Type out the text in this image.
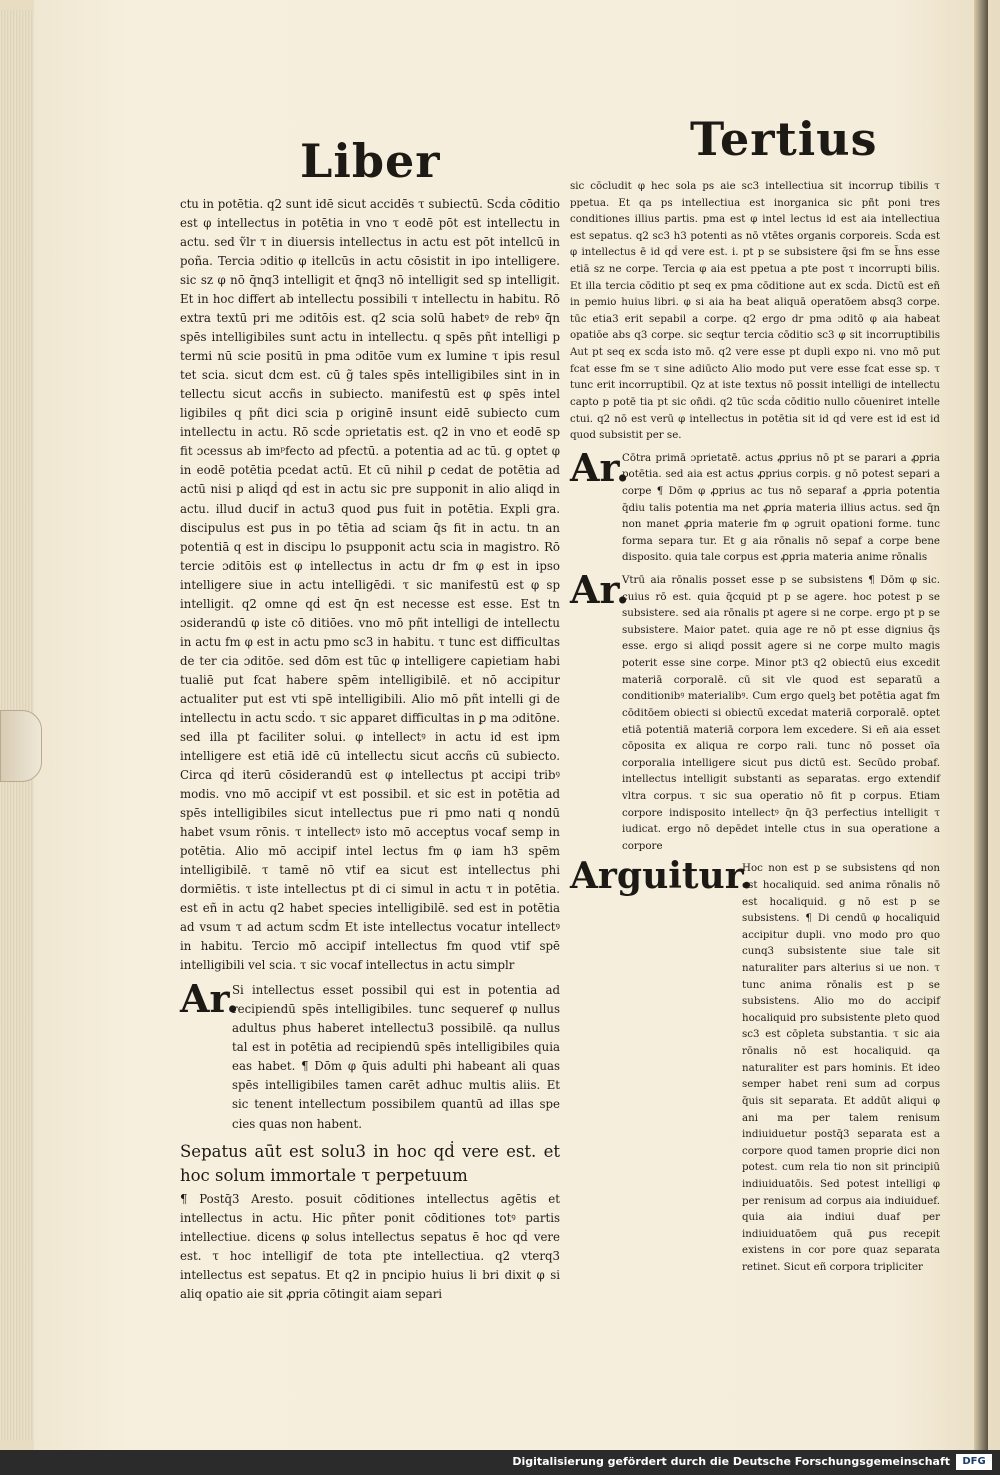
Liber	Tertius

ctu in potētia. q2 sunt idē sicut accidēs τ subiectū. Scḋa cōditio est φ intellectus in potētia in vno τ eodē pōt est intellectu in actu. sed ṽlr τ in diuersis intellectus in actu est pōt intellcū in poña. Tercia ɔditio φ itellcūs in actu cōsistit in ipo intelligere. sic sz φ nō q̄nq3 intelligit et q̄nq3 nō intelligit sed sp intelligit. Et in hoc differt ab intellectu possibili τ intellectu in habitu. Rō extra textū pri me ɔditōis est. q2 scia solū habetꝰ de rebꝰ q̄n spēs intelligibiles sunt actu in intellectu. q spēs pñt intelligi p termi nū scie positū in pma ɔditōe vum ex lumine τ ipis resul tet scia. sicut dcm est. cū g̃ tales spēs intelligibiles sint in in tellectu sicut accñs in subiecto. manifestū est φ spēs intel ligibiles q pñt dici scia p originē insunt eidē subiecto cum intellectu in actu. Rō scḋe ɔprietatis est. q2 in vno et eodē sp fit ɔcessus ab imᵖfecto ad pfectū. a potentia ad ac tū. g optet φ in eodē potētia pcedat actū. Et cū nihil ꝑ cedat de potētia ad actū nisi p aliqḋ qḋ est in actu sic pre supponit in alio aliqd in actu. illud ducif in actu3 quod ꝑus fuit in potētia. Expli gra. discipulus est ꝑus in po tētia ad sciam q̄s fit in actu. tn an potentiā q est in discipu lo psupponit actu scia in magistro. Rō tercie ɔditōis est φ intellectus in actu dr fm φ est in ipso intelligere siue in actu intelligēdi. τ sic manifestū est φ sp intelligit. q2 omne qḋ est q̄n est necesse est esse. Est tn ɔsiderandū φ iste cō ditiōes. vno mō pñt intelligi de intellectu in actu fm φ est in actu pmo sc3 in habitu. τ tunc est difficultas de ter cia ɔditōe. sed dōm est tūc φ intelligere capietiam habi tualiē put fcat habere spēm intelligibilē. et nō accipitur actualiter put est vti spē intelligibili. Alio mō pñt intelli gi de intellectu in actu scḋo. τ sic apparet difficultas in ꝑ ma ɔditōne. sed illa pt faciliter solui. φ intellectꝰ in actu id est ipm intelligere est etiā idē cū intellectu sicut accñs cū subiecto. Circa qḋ iterū cōsiderandū est φ intellectus pt accipi tribꝰ modis. vno mō accipif vt est possibil. et sic est in potētia ad spēs intelligibiles sicut intellectus pue ri pmo nati q nondū habet vsum rōnis. τ intellectꝰ isto mō acceptus vocaf semp in potētia. Alio mō accipif intel lectus fm φ iam h3 spēm intelligibilē. τ tamē nō vtif ea sicut est intellectus phi dormiētis. τ iste intellectus pt di ci simul in actu τ in potētia. est eñ in actu q2 habet species intelligibilē. sed est in potētia ad vsum τ ad actum scḋm Et iste intellectus vocatur intellectꝰ in habitu. Tercio mō accipif intellectus fm quod vtif spē intelligibili vel scia. τ sic vocaf intellectus in actu simplr

Ar.
Si intellectus esset possibil qui est in potentia ad recipiendū spēs intelligibiles. tunc sequeref φ nullus adultus phus haberet intellectu3 possibilē. qa nullus tal est in potētia ad recipiendū spēs intelligibiles quia eas habet. ¶ Dōm φ q̄uis adulti phi habeant ali quas spēs intelligibiles tamen carēt adhuc multis aliis. Et sic tenent intellectum possibilem quantū ad illas spe cies quas non habent.

Sepatus aūt est solu3 in hoc qḋ vere est. et hoc solum immortale τ perpetuum

¶ Postq̄3 Aresto. posuit cōditiones intellectus agētis et intellectus in actu. Hic pñter ponit cōditiones totꝰ partis intellectiue. dicens φ solus intellectus sepatus ē hoc qḋ vere est. τ hoc intelligif de tota pte intellectiua. q2 vterq3 intellectus est sepatus. Et q2 in pncipio huius li bri dixit φ si aliq opatio aie sit ꝓpria cōtingit aiam separi

sic cōcludit φ hec sola ps aie sc3 intellectiua sit incorruꝑ tibilis τ ppetua. Et qa ps intellectiua est inorganica sic pñt poni tres conditiones illius partis. pma est φ intel lectus id est aia intellectiua est sepatus. q2 sc3 h3 potenti as nō vtētes organis corporeis. Scḋa est φ intellectus ē id qḋ vere est. i. pt p se subsistere q̄si fm se h̄ns esse etiā sz ne corpe. Tercia φ aia est ppetua a pte post τ incorrupti bilis. Et illa tercia cōditio pt seq ex pma cōditione aut ex scḋa. Dictū est eñ in pemio huius libri. φ si aia ha beat aliquā operatōem absq3 corpe. tūc etia3 erit sepabil a corpe. q2 ergo dr pma ɔditō φ aia habeat opatiōe abs q3 corpe. sic seqtur tercia cōditio sc3 φ sit incorruptibilis Aut pt seq ex scḋa isto mō. q2 vere esse pt dupli expo ni. vno mō put fcat esse fm se τ sine adiūcto Alio modo put vere esse fcat esse sp. τ tunc erit incorruptibil. Qz at iste textus nō possit intelligi de intellectu capto p potē tia pt sic oñdi. q2 tūc scḋa cōditio nullo cōueniret intelle ctui. q2 nō est verū φ intellectus in potētia sit id qḋ vere est id est id quod subsistit per se.

Ar.
Cōtra primā ɔprietatē. actus ꝓprius nō pt se parari a ꝓpria potētia. sed aia est actus ꝓprius corpis. g nō potest separi a corpe ¶ Dōm φ ꝓprius ac tus nō separaf a ꝓpria potentia q̄diu talis potentia ma net ꝓpria materia illius actus. sed q̄n non manet ꝓpria materie fm φ ɔgruit opationi forme. tunc forma separa tur. Et g aia rōnalis nō sepaf a corpe bene disposito. quia tale corpus est ꝓpria materia anime rōnalis

Ar.
Vtrū aia rōnalis posset esse p se subsistens ¶ Dōm φ sic. cuius rō est. quia q̄cquid pt p se agere. hoc potest p se subsistere. sed aia rōnalis pt agere si ne corpe. ergo pt p se subsistere. Maior patet. quia age re nō pt esse dignius q̄s esse. ergo si aliqḋ possit agere si ne corpe multo magis poterit esse sine corpe. Minor pt3 q2 obiectū eius excedit materiā corporalē. cū sit vle quod est separatū a conditionibꝰ materialibꝰ. Cum ergo quelꝫ bet potētia agat fm cōditōem obiecti si obiectū excedat materiā corporalē. optet etiā potentiā materiā corpora lem excedere. Si eñ aia esset cōposita ex aliqua re corpo rali. tunc nō posset oīa corporalia intelligere sicut pus dictū est. Secūdo probaf. intellectus intelligit substanti as separatas. ergo extendif vltra corpus. τ sic sua operatio nō fit p corpus. Etiam corpore indisposito intellectꝰ q̄n q̄3 perfectius intelligit τ iudicat. ergo nō depēdet intelle ctus in sua operatione a corpore

Arguitur.
Hoc non est p se subsistens qḋ non est hocaliquid. sed anima rōnalis nō est hocaliquid. g nō est p se subsistens. ¶ Di cendū φ hocaliquid accipitur dupli. vno modo pro quo cunq3 subsistente siue tale sit naturaliter pars alterius si ue non. τ tunc anima rōnalis est p se subsistens. Alio mo do accipif hocaliquid pro subsistente pleto quod sc3 est cōpleta substantia. τ sic aia rōnalis nō est hocaliquid. qa naturaliter est pars hominis. Et ideo semper habet reni sum ad corpus q̄uis sit separata. Et addūt aliqui φ ani ma per talem renisum indiuiduetur postq̄3 separata est a corpore quod tamen proprie dici non potest. cum rela tio non sit principiū indiuiduatōis. Sed potest intelligi φ per renisum ad corpus aia indiuiduef. quia aia indiui duaf per indiuiduatōem quā ꝑus recepit existens in cor pore quaz separata retinet. Sicut eñ corpora tripliciter

Digitalisierung gefördert durch die Deutsche Forschungsgemeinschaft	DFG
